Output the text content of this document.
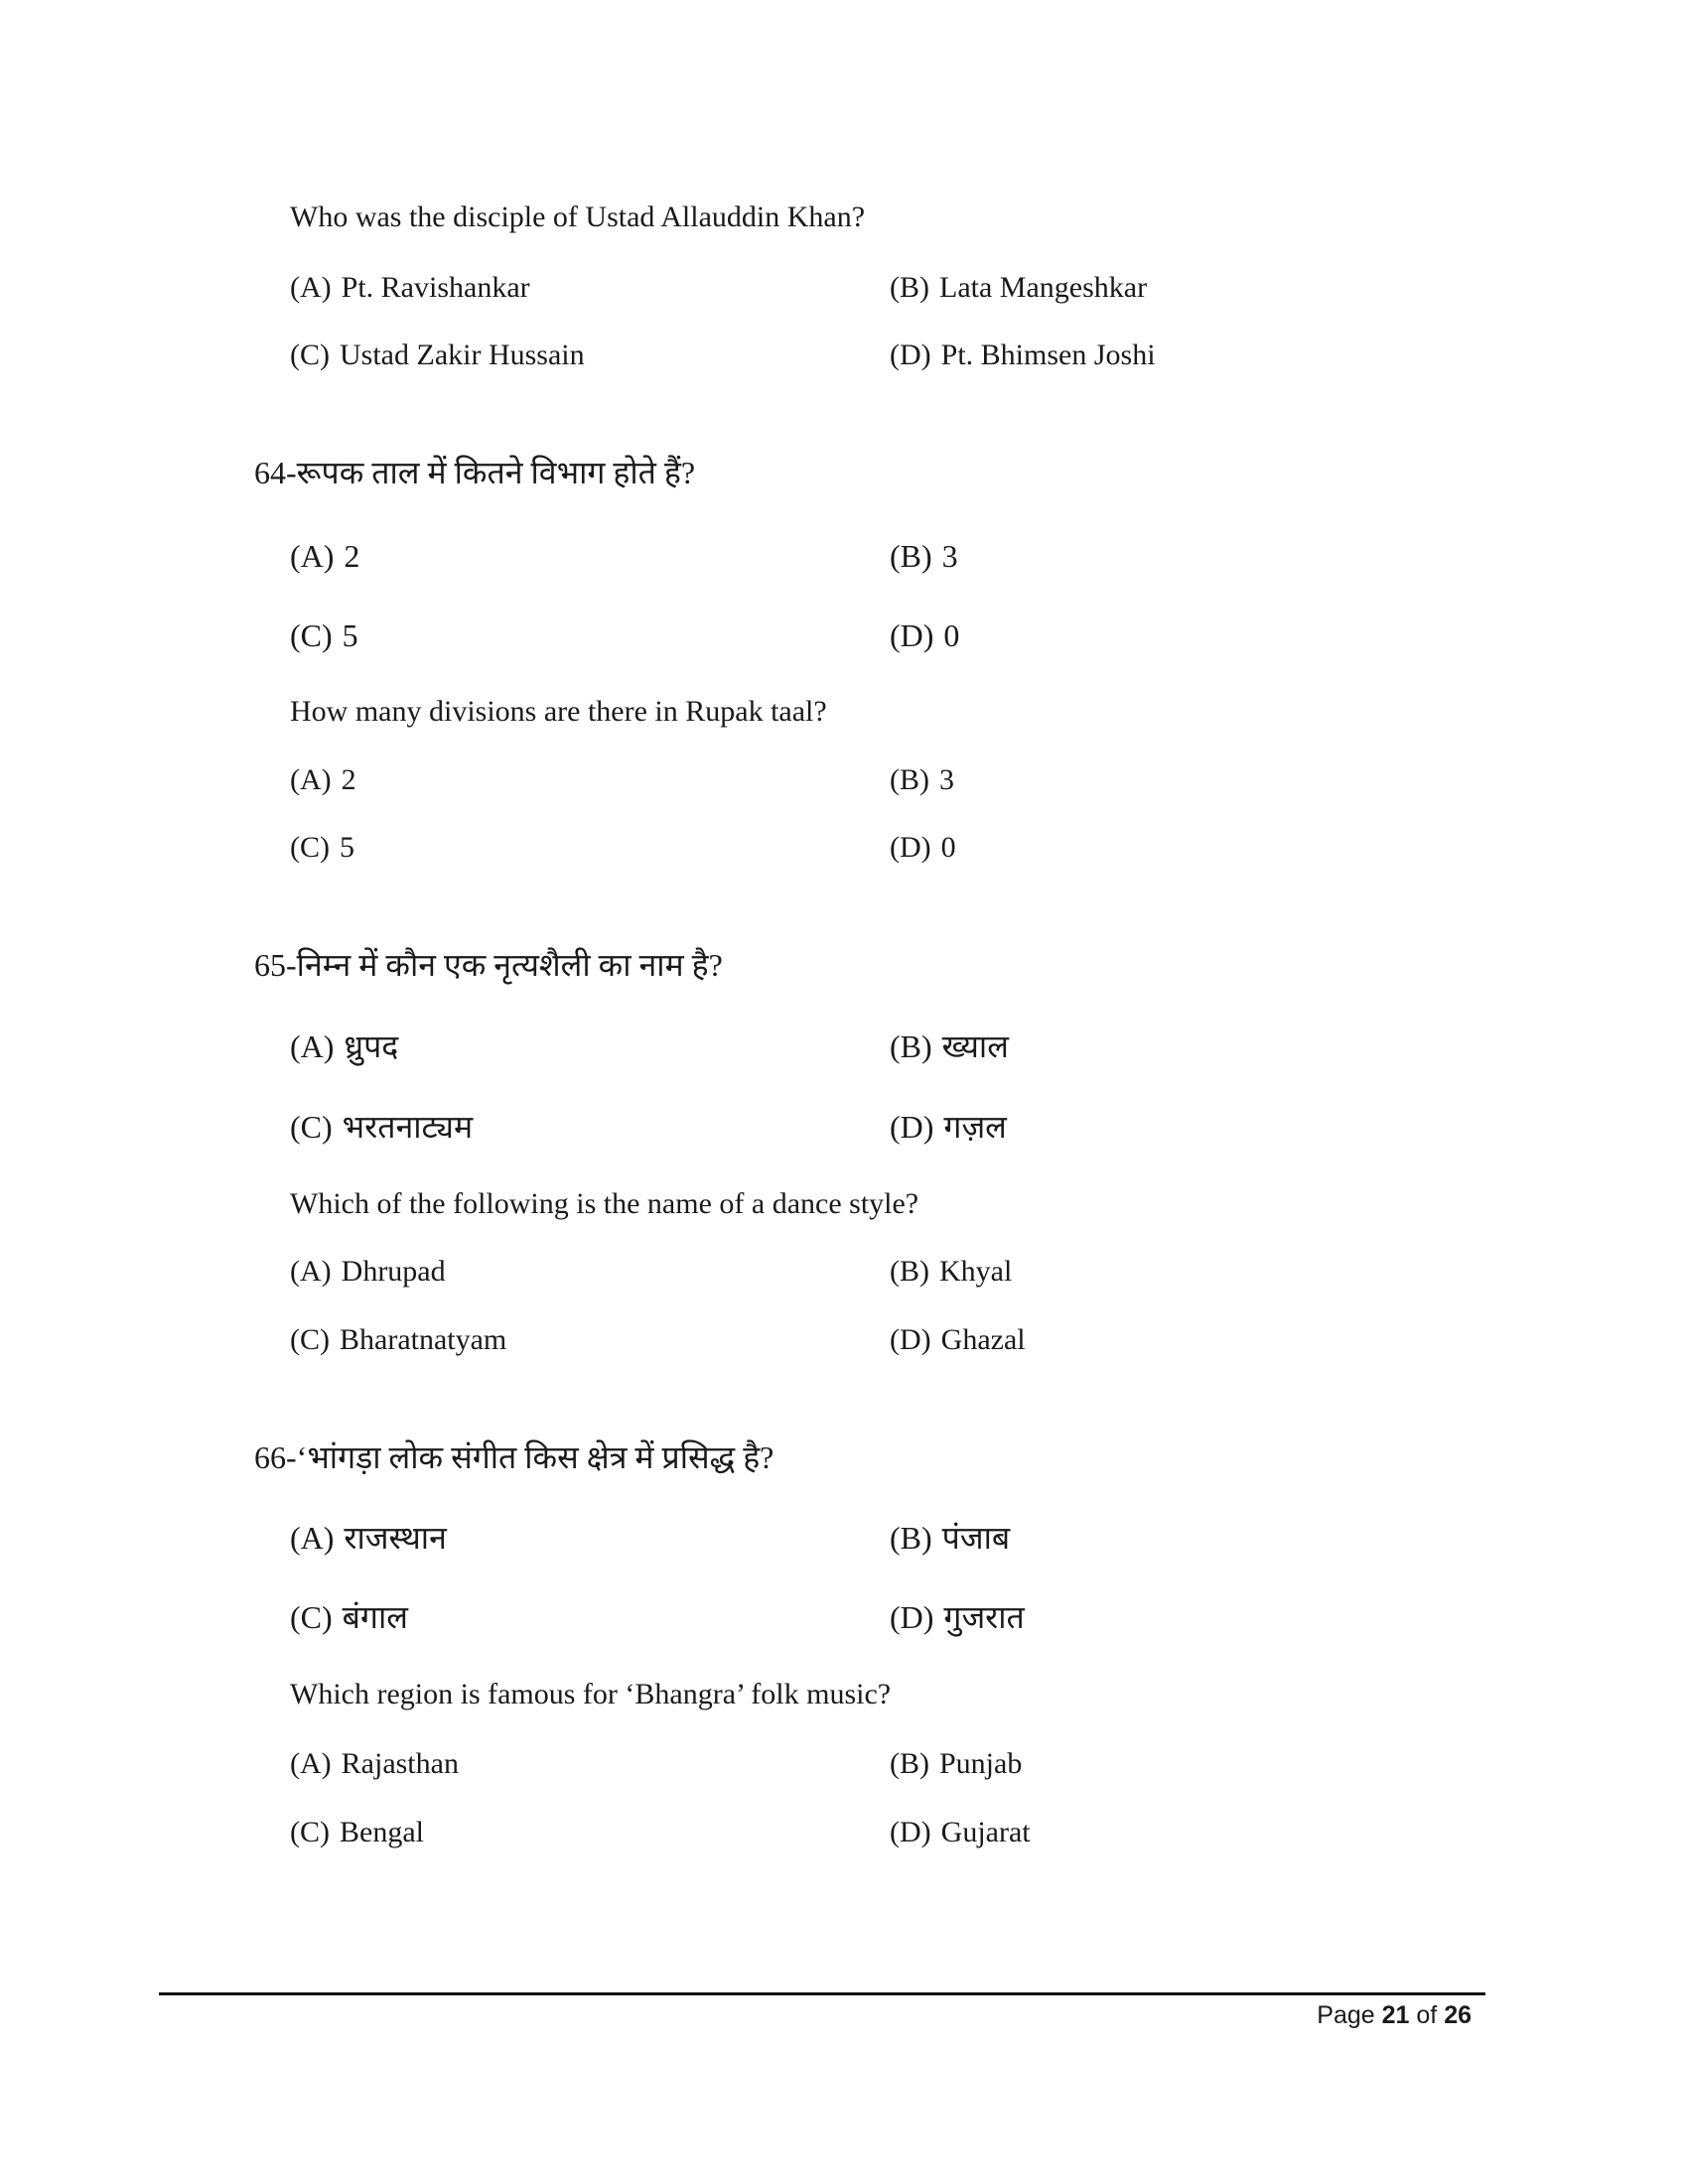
Who was the disciple of Ustad Allauddin Khan?
(A) Pt. Ravishankar	(B) Lata Mangeshkar
(C) Ustad Zakir Hussain	(D) Pt. Bhimsen Joshi
64-रूपक ताल में कितने विभाग होते हैं?
(A) 2	(B) 3
(C) 5	(D) 0
How many divisions are there in Rupak taal?
(A) 2	(B) 3
(C) 5	(D) 0
65-निम्न में कौन एक नृत्यशैली का नाम है?
(A) ध्रुपद	(B) ख्याल
(C) भरतनाट्यम	(D) गज़ल
Which of the following is the name of a dance style?
(A) Dhrupad	(B) Khyal
(C) Bharatnatyam	(D) Ghazal
66-‘भांगड़ा लोक संगीत किस क्षेत्र में प्रसिद्ध है?
(A) राजस्थान	(B) पंजाब
(C) बंगाल	(D) गुजरात
Which region is famous for ‘Bhangra’ folk music?
(A) Rajasthan	(B) Punjab
(C) Bengal	(D) Gujarat
Page 21 of 26
